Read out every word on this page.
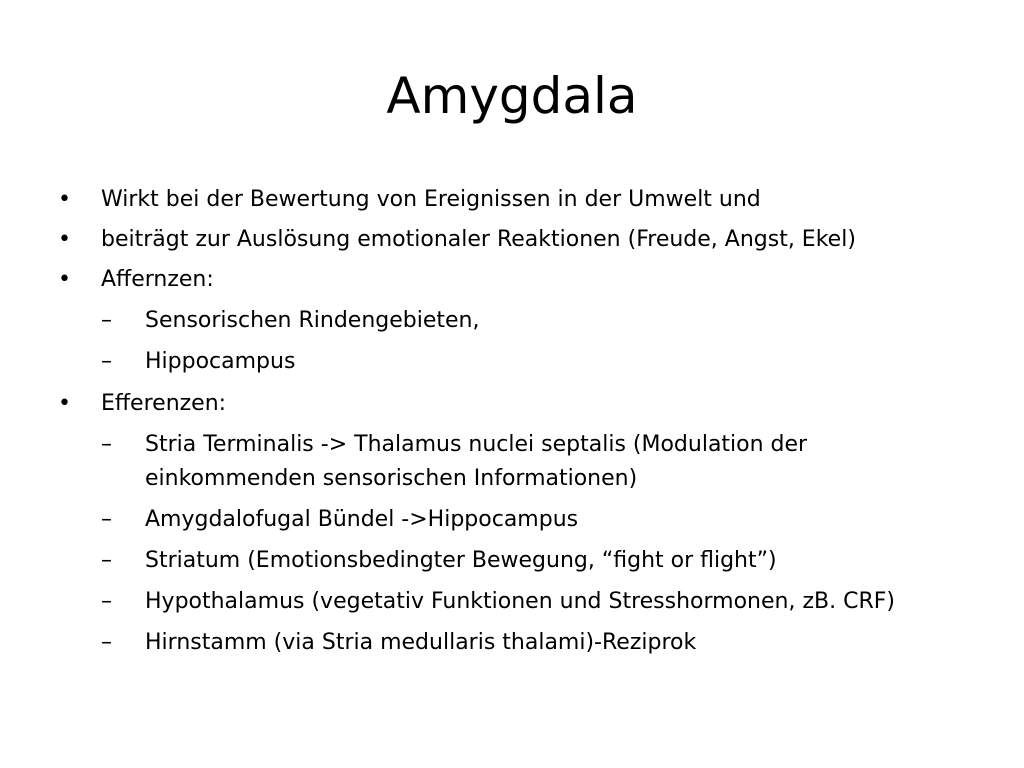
Amygdala
•	Wirkt bei der Bewertung von Ereignissen in der Umwelt und
•	beiträgt zur Auslösung emotionaler Reaktionen (Freude, Angst, Ekel)
•	Affernzen:
–	Sensorischen Rindengebieten,
–	Hippocampus
•	Efferenzen:
–	Stria Terminalis -> Thalamus nuclei septalis (Modulation der einkommenden sensorischen Informationen)
–	Amygdalofugal Bündel ->Hippocampus
–	Striatum (Emotionsbedingter Bewegung, “fight or flight”)
–	Hypothalamus (vegetativ Funktionen und Stresshormonen, zB. CRF)
–	Hirnstamm (via Stria medullaris thalami)-Reziprok
